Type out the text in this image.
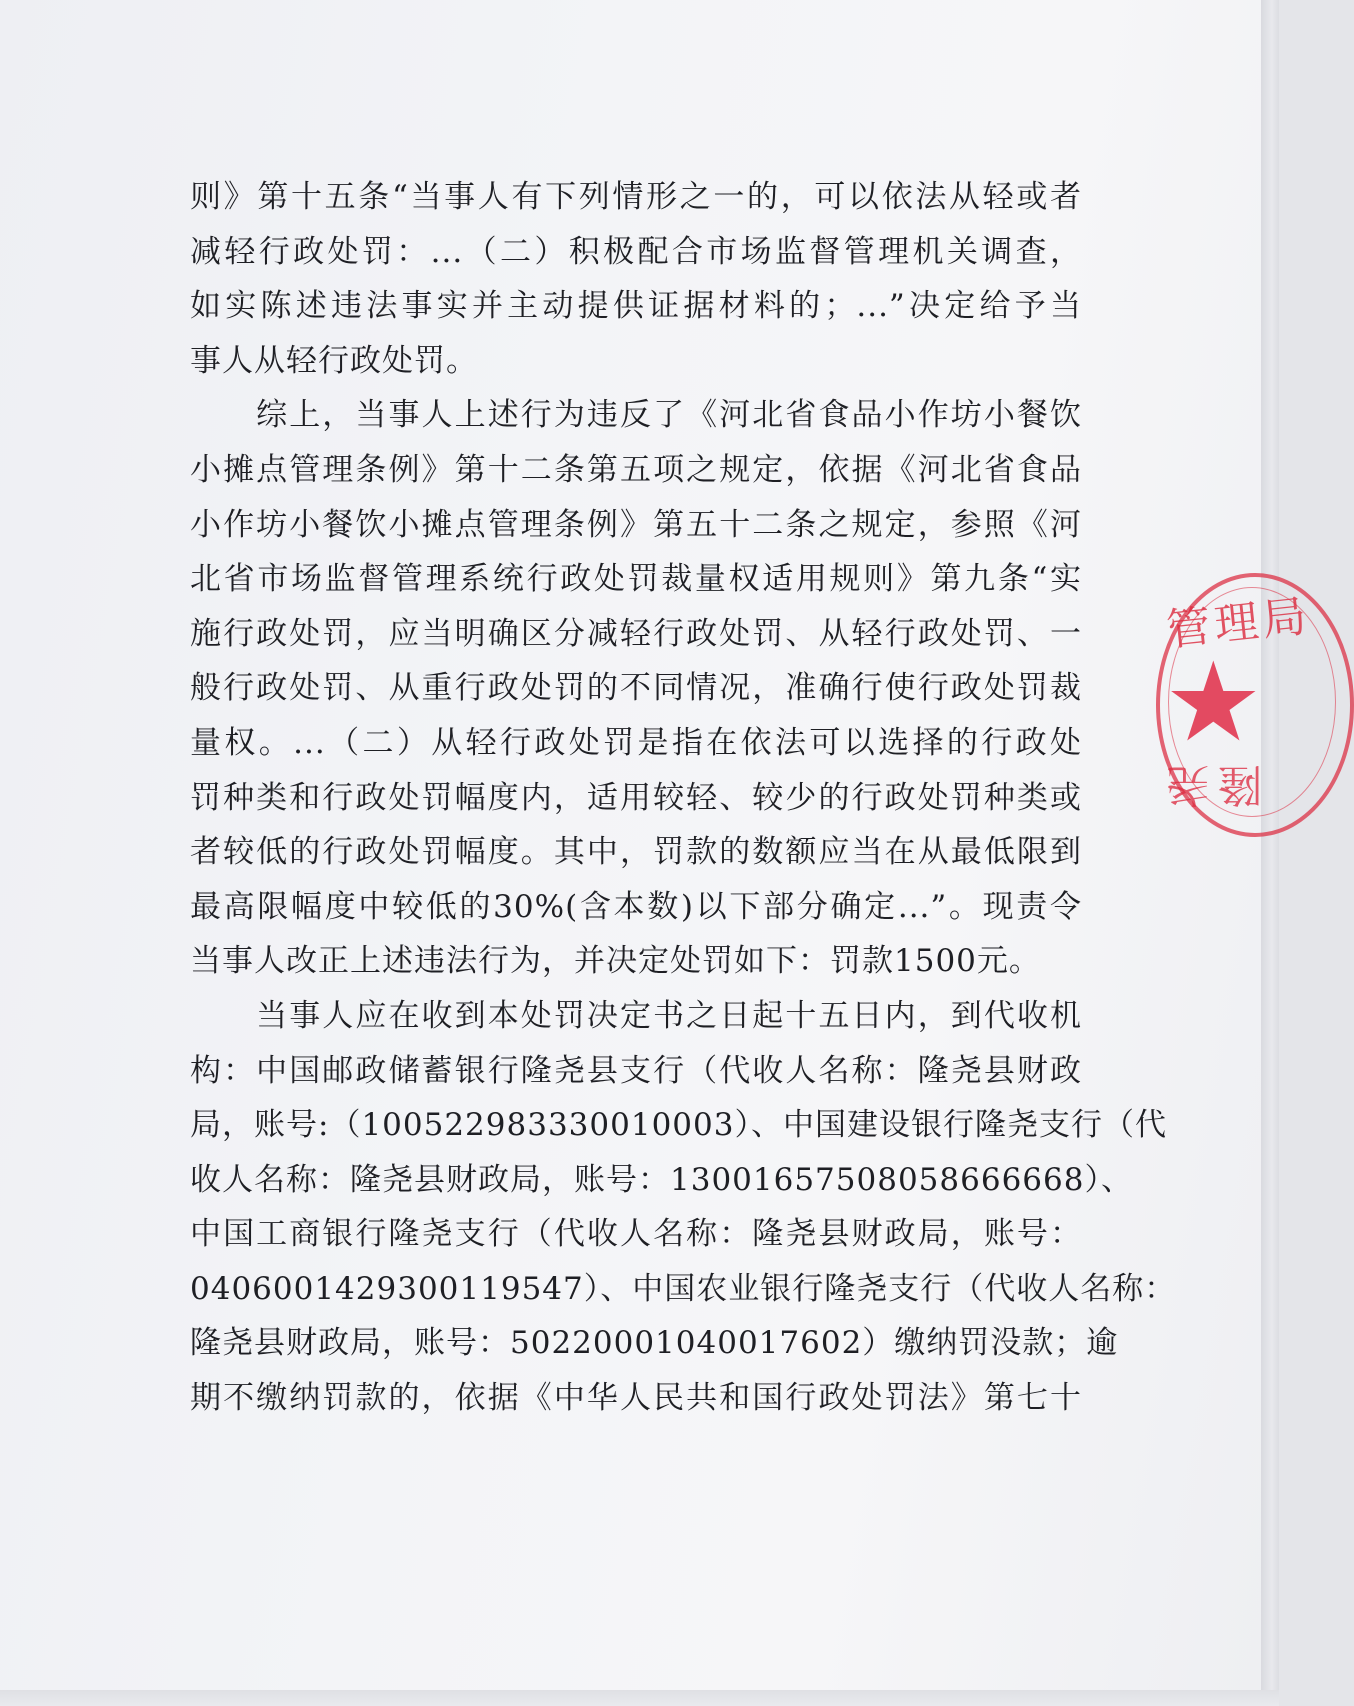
则》第十五条“当事人有下列情形之一的，可以依法从轻或者
减轻行政处罚：...（二）积极配合市场监督管理机关调查，
如实陈述违法事实并主动提供证据材料的；...”决定给予当
事人从轻行政处罚。
　　综上，当事人上述行为违反了《河北省食品小作坊小餐饮
小摊点管理条例》第十二条第五项之规定，依据《河北省食品
小作坊小餐饮小摊点管理条例》第五十二条之规定，参照《河
北省市场监督管理系统行政处罚裁量权适用规则》第九条“实
施行政处罚，应当明确区分减轻行政处罚、从轻行政处罚、一
般行政处罚、从重行政处罚的不同情况，准确行使行政处罚裁
量权。...（二）从轻行政处罚是指在依法可以选择的行政处
罚种类和行政处罚幅度内，适用较轻、较少的行政处罚种类或
者较低的行政处罚幅度。其中，罚款的数额应当在从最低限到
最高限幅度中较低的30%(含本数)以下部分确定...”。现责令
当事人改正上述违法行为，并决定处罚如下：罚款1500元。
　　当事人应在收到本处罚决定书之日起十五日内，到代收机
构：中国邮政储蓄银行隆尧县支行（代收人名称：隆尧县财政
局，账号:（100522983330010003）、中国建设银行隆尧支行（代
收人名称：隆尧县财政局，账号：13001657508058666668）、
中国工商银行隆尧支行（代收人名称：隆尧县财政局，账号：
0406001429300119547）、中国农业银行隆尧支行（代收人名称：
隆尧县财政局，账号：50220001040017602）缴纳罚没款；逾
期不缴纳罚款的，依据《中华人民共和国行政处罚法》第七十
管理局
★
隆尧
